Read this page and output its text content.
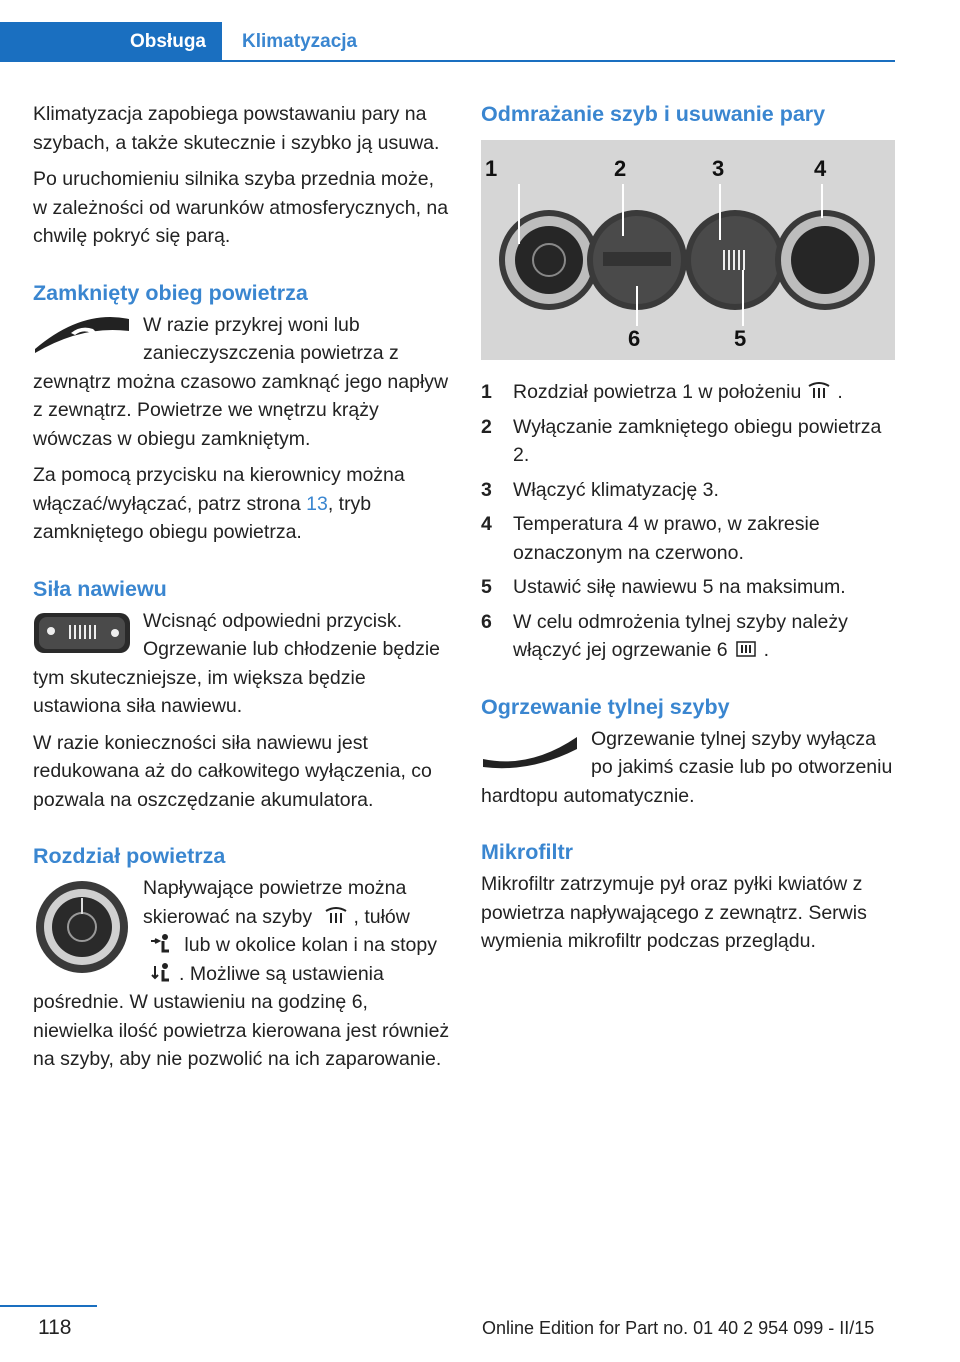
Obsługa Klimatyzacja

Klimatyzacja zapobiega powstawaniu pary na szybach, a także skutecznie i szybko ją usuwa.

Po uruchomieniu silnika szyba przednia może, w zależności od warunków atmosferycznych, na chwilę pokryć się parą.

Zamknięty obieg powietrza

W razie przykrej woni lub zanieczyszczenia powietrza z zewnątrz można czasowo zamknąć jego napływ z zewnątrz. Powietrze we wnętrzu krąży wówczas w obiegu zamkniętym.

Za pomocą przycisku na kierownicy można włączać/wyłączać, patrz strona 13, tryb zamkniętego obiegu powietrza.

Siła nawiewu

Wcisnąć odpowiedni przycisk. Ogrzewanie lub chłodzenie będzie tym skuteczniejsze, im większa będzie ustawiona siła nawiewu.

W razie konieczności siła nawiewu jest redukowana aż do całkowitego wyłączenia, co pozwala na oszczędzanie akumulatora.

Rozdział powietrza

Napływające powietrze można skierować na szyby , tułów  lub w okolice kolan i na stopy . Możliwe są ustawienia pośrednie. W ustawieniu na godzinę 6, niewielka ilość powietrza kierowana jest również na szyby, aby nie pozwolić na ich zaparowanie.

Odmrażanie szyb i usuwanie pary
1	2	3	4
6	5
1 Rozdział powietrza 1 w położeniu .
2 Wyłączanie zamkniętego obiegu powietrza 2.
3 Włączyć klimatyzację 3.
4 Temperatura 4 w prawo, w zakresie oznaczonym na czerwono.
5 Ustawić siłę nawiewu 5 na maksimum.
6 W celu odmrożenia tylnej szyby należy włączyć jej ogrzewanie 6 .
Ogrzewanie tylnej szyby

Ogrzewanie tylnej szyby wyłącza po jakimś czasie lub po otworzeniu hardtopu automatycznie.

Mikrofiltr

Mikrofiltr zatrzymuje pył oraz pyłki kwiatów z powietrza napływającego z zewnątrz. Serwis wymienia mikrofiltr podczas przeglądu.

118	Online Edition for Part no. 01 40 2 954 099 - II/15
